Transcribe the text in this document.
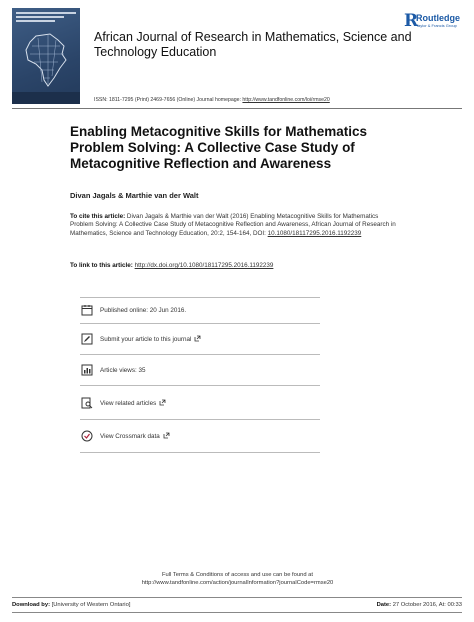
African Journal of Research in Mathematics, Science and
Technology Education
R
Routledge
Taylor & Francis Group
ISSN: 1811-7295 (Print) 2469-7656 (Online) Journal homepage: http://www.tandfonline.com/loi/rmse20
Enabling Metacognitive Skills for Mathematics
Problem Solving: A Collective Case Study of
Metacognitive Reflection and Awareness
Divan Jagals & Marthie van der Walt
To cite this article: Divan Jagals & Marthie van der Walt (2016) Enabling Metacognitive Skills for Mathematics Problem Solving: A Collective Case Study of Metacognitive Reflection and Awareness, African Journal of Research in Mathematics, Science and Technology Education, 20:2, 154-164, DOI: 10.1080/18117295.2016.1192239
To link to this article: http://dx.doi.org/10.1080/18117295.2016.1192239
Published online: 20 Jun 2016.
Submit your article to this journal
Article views: 35
View related articles
View Crossmark data
Full Terms & Conditions of access and use can be found at
http://www.tandfonline.com/action/journalInformation?journalCode=rmse20
Download by: [University of Western Ontario]	Date: 27 October 2016, At: 00:33
